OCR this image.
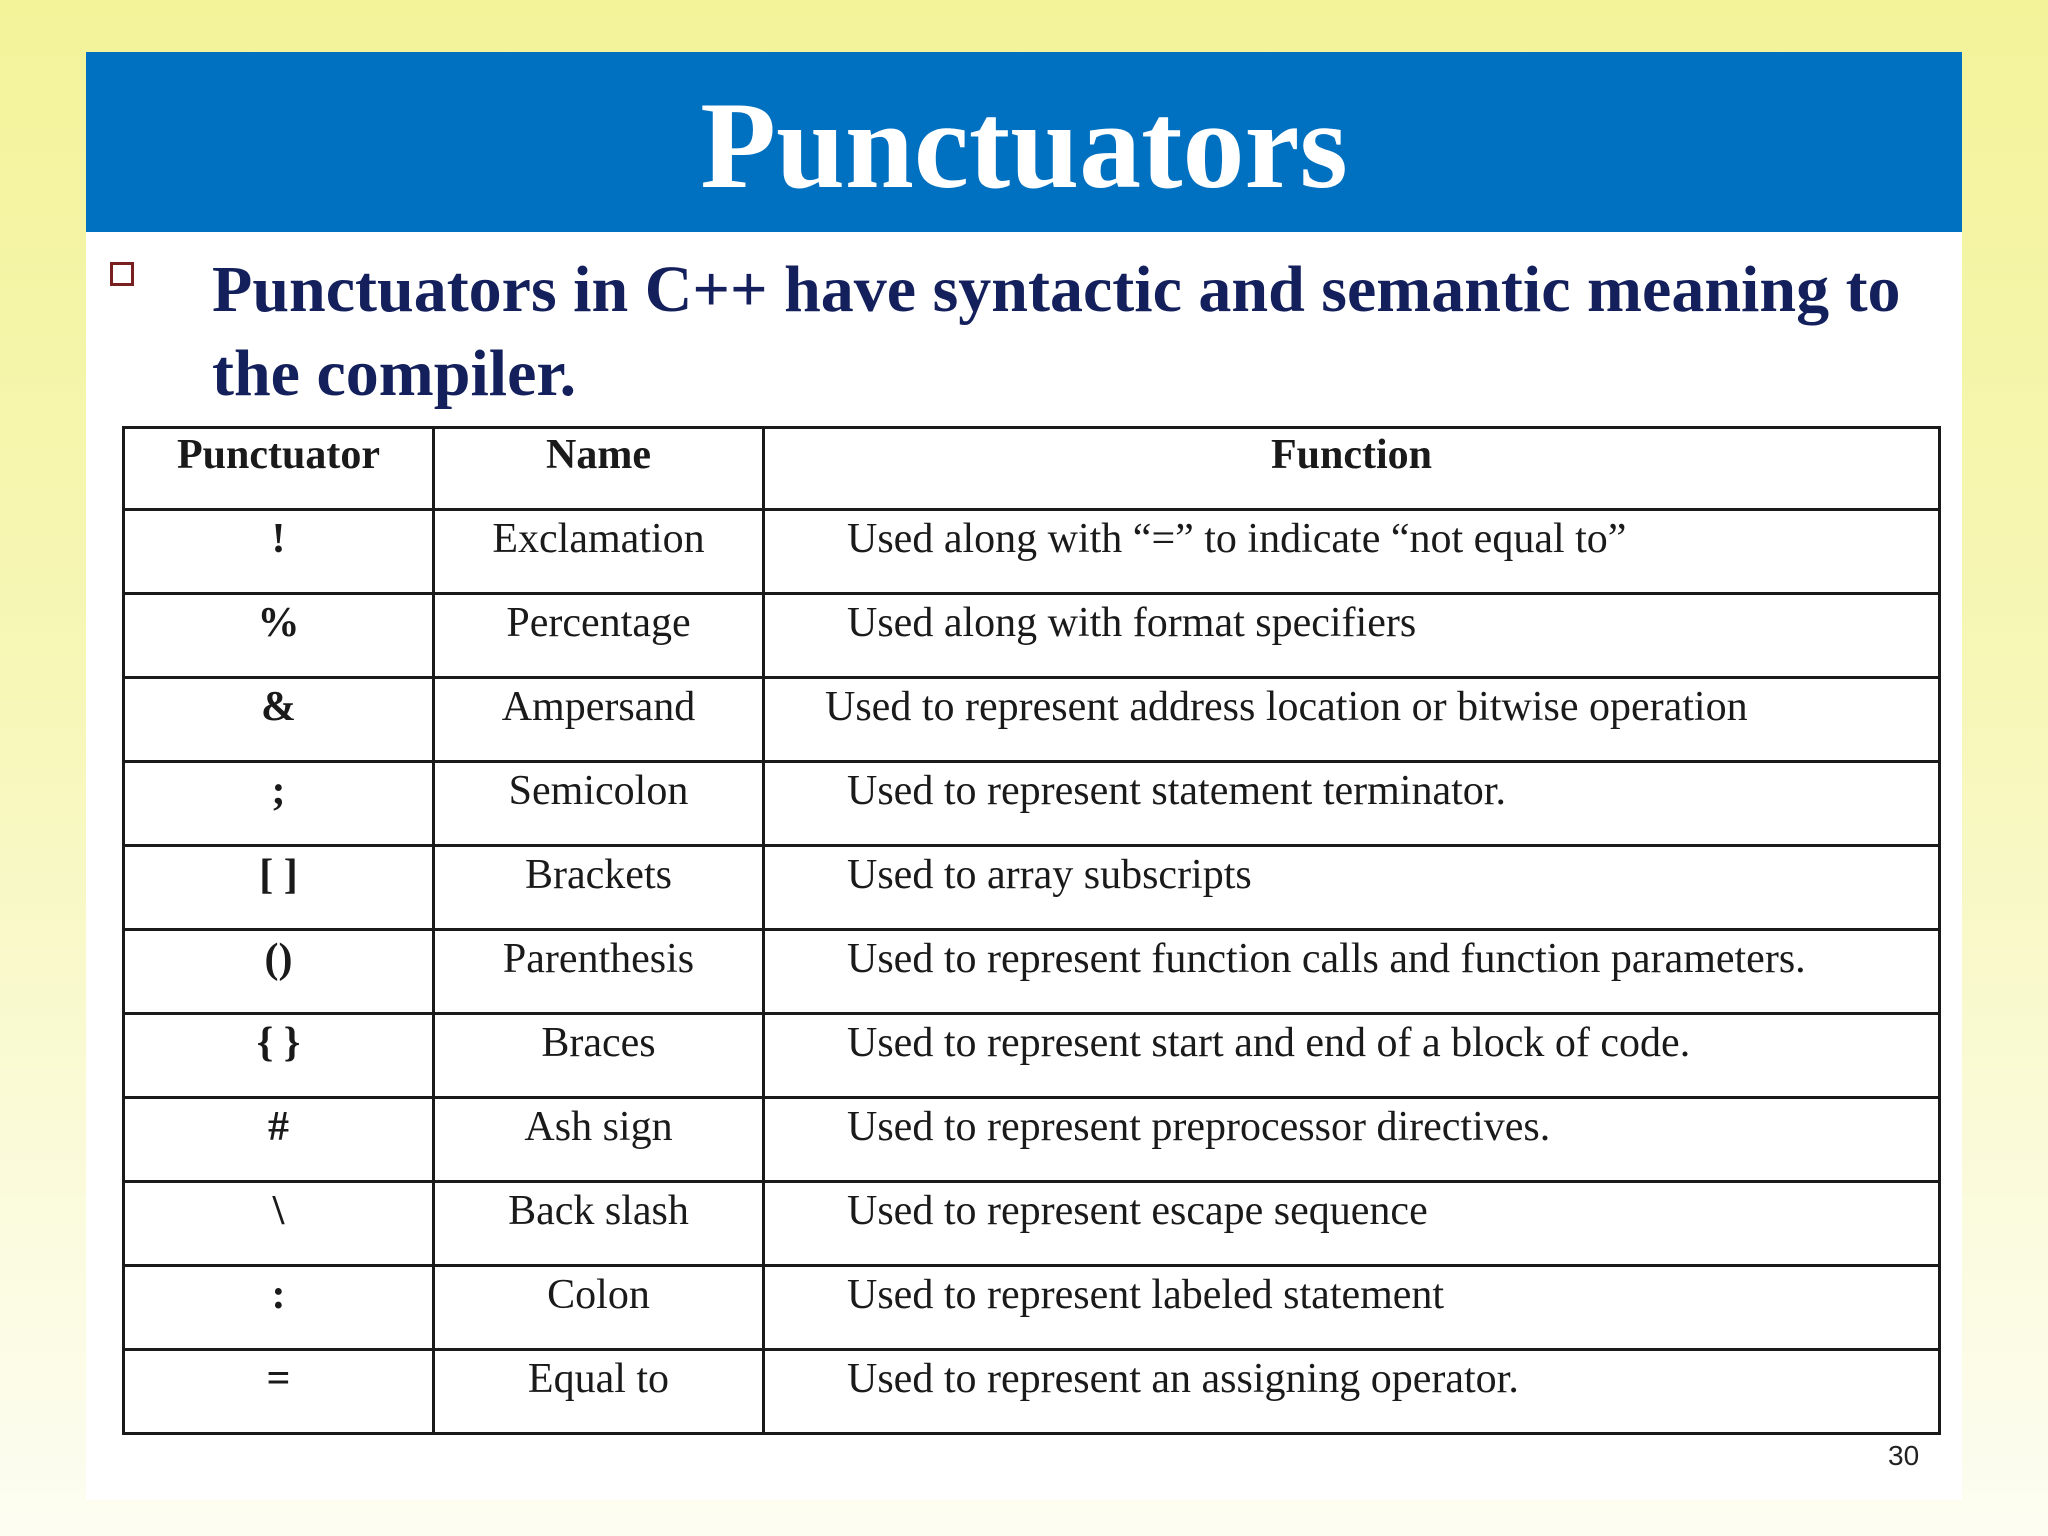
Punctuators
Punctuators in C++ have syntactic and semantic meaning to the compiler.
Punctuator	Name	Function
!	Exclamation	Used along with “=” to indicate “not equal to”
%	Percentage	Used along with format specifiers
&	Ampersand	Used to represent address location or bitwise operation
;	Semicolon	Used to represent statement terminator.
[ ]	Brackets	Used to array subscripts
()	Parenthesis	Used to represent function calls and function parameters.
{ }	Braces	Used to represent start and end of a block of code.
#	Ash sign	Used to represent preprocessor directives.
\	Back slash	Used to represent escape sequence
:	Colon	Used to represent labeled statement
=	Equal to	Used to represent an assigning operator.
30
